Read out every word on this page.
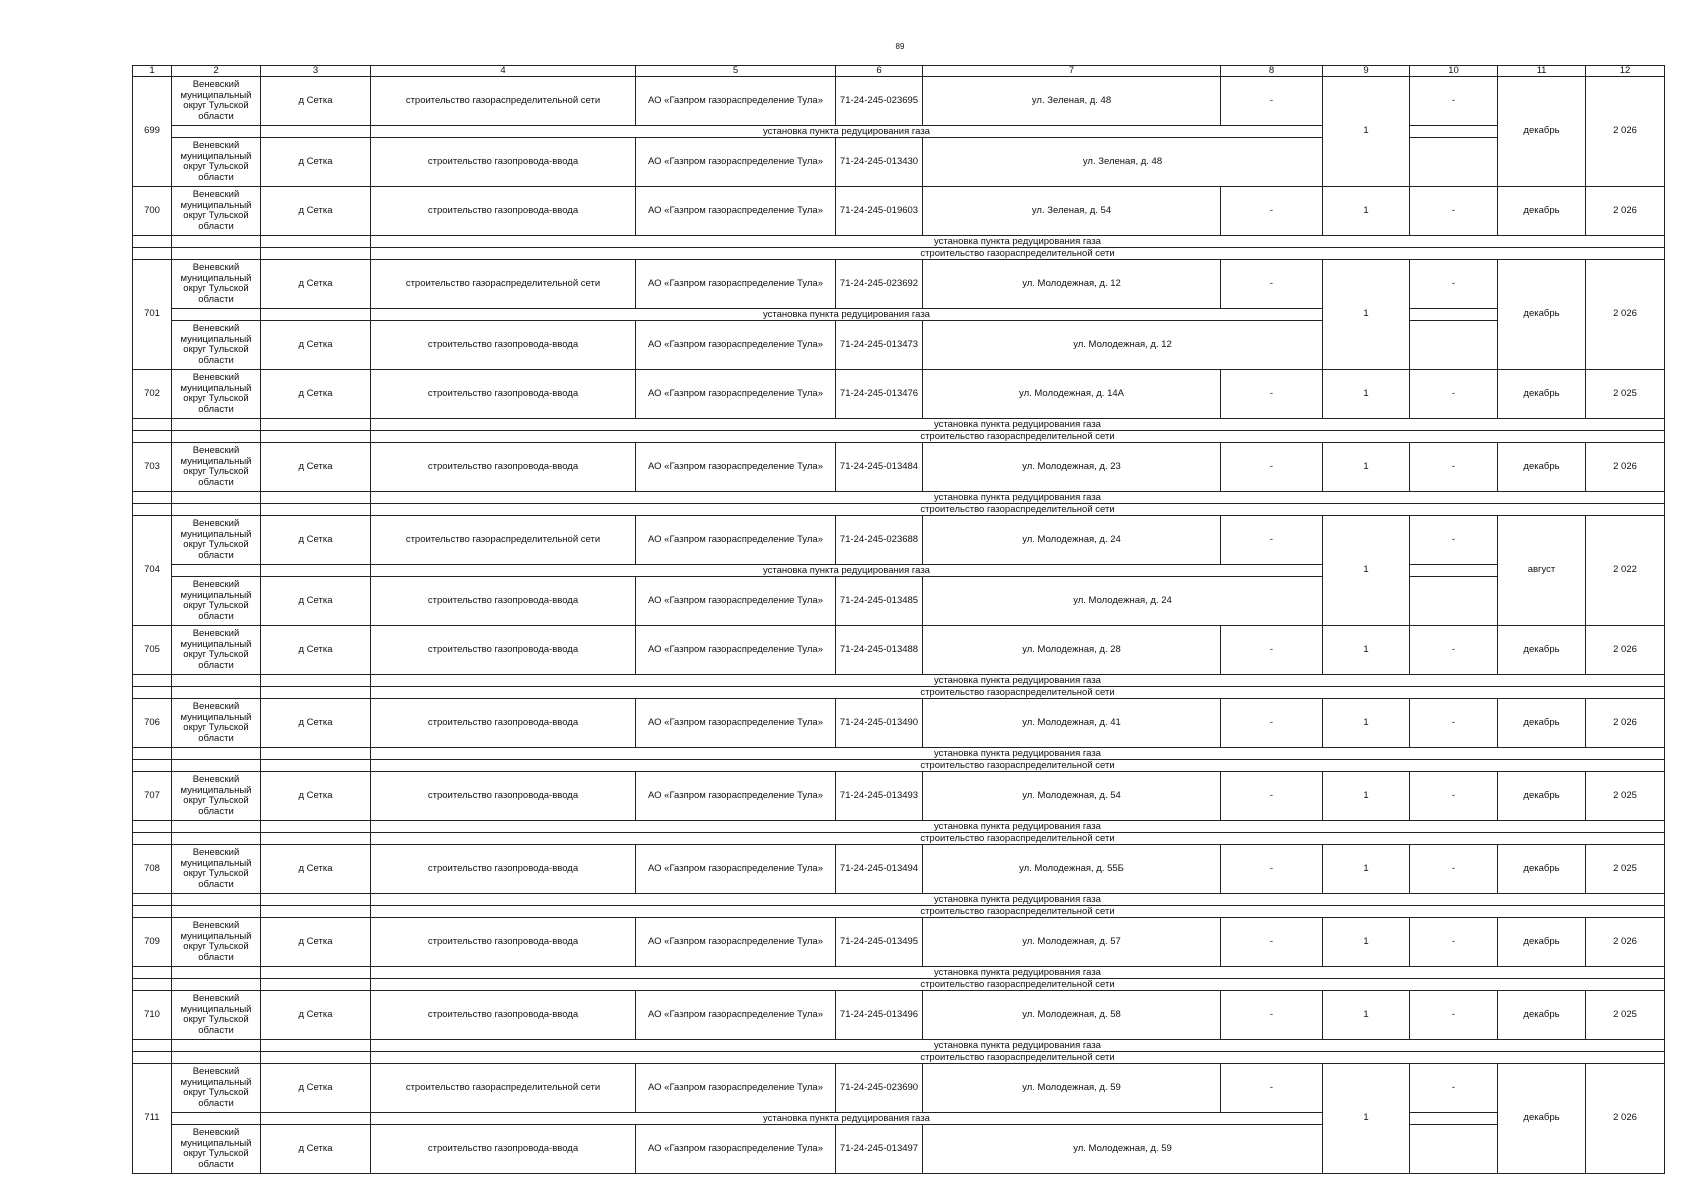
89
1	2	3	4	5	6	7	8	9	10	11	12
699	Веневский муниципальный округ Тульской области	д Сетка	строительство газораспределительной сети	АО «Газпром газораспределение Тула»	71-24-245-023695	ул. Зеленая, д. 48	-	1	-	декабрь	2 026
			установка пункта редуцирования газа								
	Веневский муниципальный округ Тульской области	д Сетка	строительство газопровода-ввода	АО «Газпром газораспределение Тула»	71-24-245-013430	ул. Зеленая, д. 48					
700	Веневский муниципальный округ Тульской области	д Сетка	строительство газопровода-ввода	АО «Газпром газораспределение Тула»	71-24-245-019603	ул. Зеленая, д. 54	-	1	-	декабрь	2 026
			установка пункта редуцирования газа								
			строительство газораспределительной сети								
701	Веневский муниципальный округ Тульской области	д Сетка	строительство газораспределительной сети	АО «Газпром газораспределение Тула»	71-24-245-023692	ул. Молодежная, д. 12	-	1	-	декабрь	2 026
			установка пункта редуцирования газа								
	Веневский муниципальный округ Тульской области	д Сетка	строительство газопровода-ввода	АО «Газпром газораспределение Тула»	71-24-245-013473	ул. Молодежная, д. 12					
702	Веневский муниципальный округ Тульской области	д Сетка	строительство газопровода-ввода	АО «Газпром газораспределение Тула»	71-24-245-013476	ул. Молодежная, д. 14А	-	1	-	декабрь	2 025
			установка пункта редуцирования газа								
			строительство газораспределительной сети								
703	Веневский муниципальный округ Тульской области	д Сетка	строительство газопровода-ввода	АО «Газпром газораспределение Тула»	71-24-245-013484	ул. Молодежная, д. 23	-	1	-	декабрь	2 026
			установка пункта редуцирования газа								
			строительство газораспределительной сети								
704	Веневский муниципальный округ Тульской области	д Сетка	строительство газораспределительной сети	АО «Газпром газораспределение Тула»	71-24-245-023688	ул. Молодежная, д. 24	-	1	-	август	2 022
			установка пункта редуцирования газа								
	Веневский муниципальный округ Тульской области	д Сетка	строительство газопровода-ввода	АО «Газпром газораспределение Тула»	71-24-245-013485	ул. Молодежная, д. 24					
705	Веневский муниципальный округ Тульской области	д Сетка	строительство газопровода-ввода	АО «Газпром газораспределение Тула»	71-24-245-013488	ул. Молодежная, д. 28	-	1	-	декабрь	2 026
			установка пункта редуцирования газа								
			строительство газораспределительной сети								
706	Веневский муниципальный округ Тульской области	д Сетка	строительство газопровода-ввода	АО «Газпром газораспределение Тула»	71-24-245-013490	ул. Молодежная, д. 41	-	1	-	декабрь	2 026
			установка пункта редуцирования газа								
			строительство газораспределительной сети								
707	Веневский муниципальный округ Тульской области	д Сетка	строительство газопровода-ввода	АО «Газпром газораспределение Тула»	71-24-245-013493	ул. Молодежная, д. 54	-	1	-	декабрь	2 025
			установка пункта редуцирования газа								
			строительство газораспределительной сети								
708	Веневский муниципальный округ Тульской области	д Сетка	строительство газопровода-ввода	АО «Газпром газораспределение Тула»	71-24-245-013494	ул. Молодежная, д. 55Б	-	1	-	декабрь	2 025
			установка пункта редуцирования газа								
			строительство газораспределительной сети								
709	Веневский муниципальный округ Тульской области	д Сетка	строительство газопровода-ввода	АО «Газпром газораспределение Тула»	71-24-245-013495	ул. Молодежная, д. 57	-	1	-	декабрь	2 026
			установка пункта редуцирования газа								
			строительство газораспределительной сети								
710	Веневский муниципальный округ Тульской области	д Сетка	строительство газопровода-ввода	АО «Газпром газораспределение Тула»	71-24-245-013496	ул. Молодежная, д. 58	-	1	-	декабрь	2 025
			установка пункта редуцирования газа								
			строительство газораспределительной сети								
711	Веневский муниципальный округ Тульской области	д Сетка	строительство газораспределительной сети	АО «Газпром газораспределение Тула»	71-24-245-023690	ул. Молодежная, д. 59	-	1	-	декабрь	2 026
			установка пункта редуцирования газа								
	Веневский муниципальный округ Тульской области	д Сетка	строительство газопровода-ввода	АО «Газпром газораспределение Тула»	71-24-245-013497	ул. Молодежная, д. 59					
